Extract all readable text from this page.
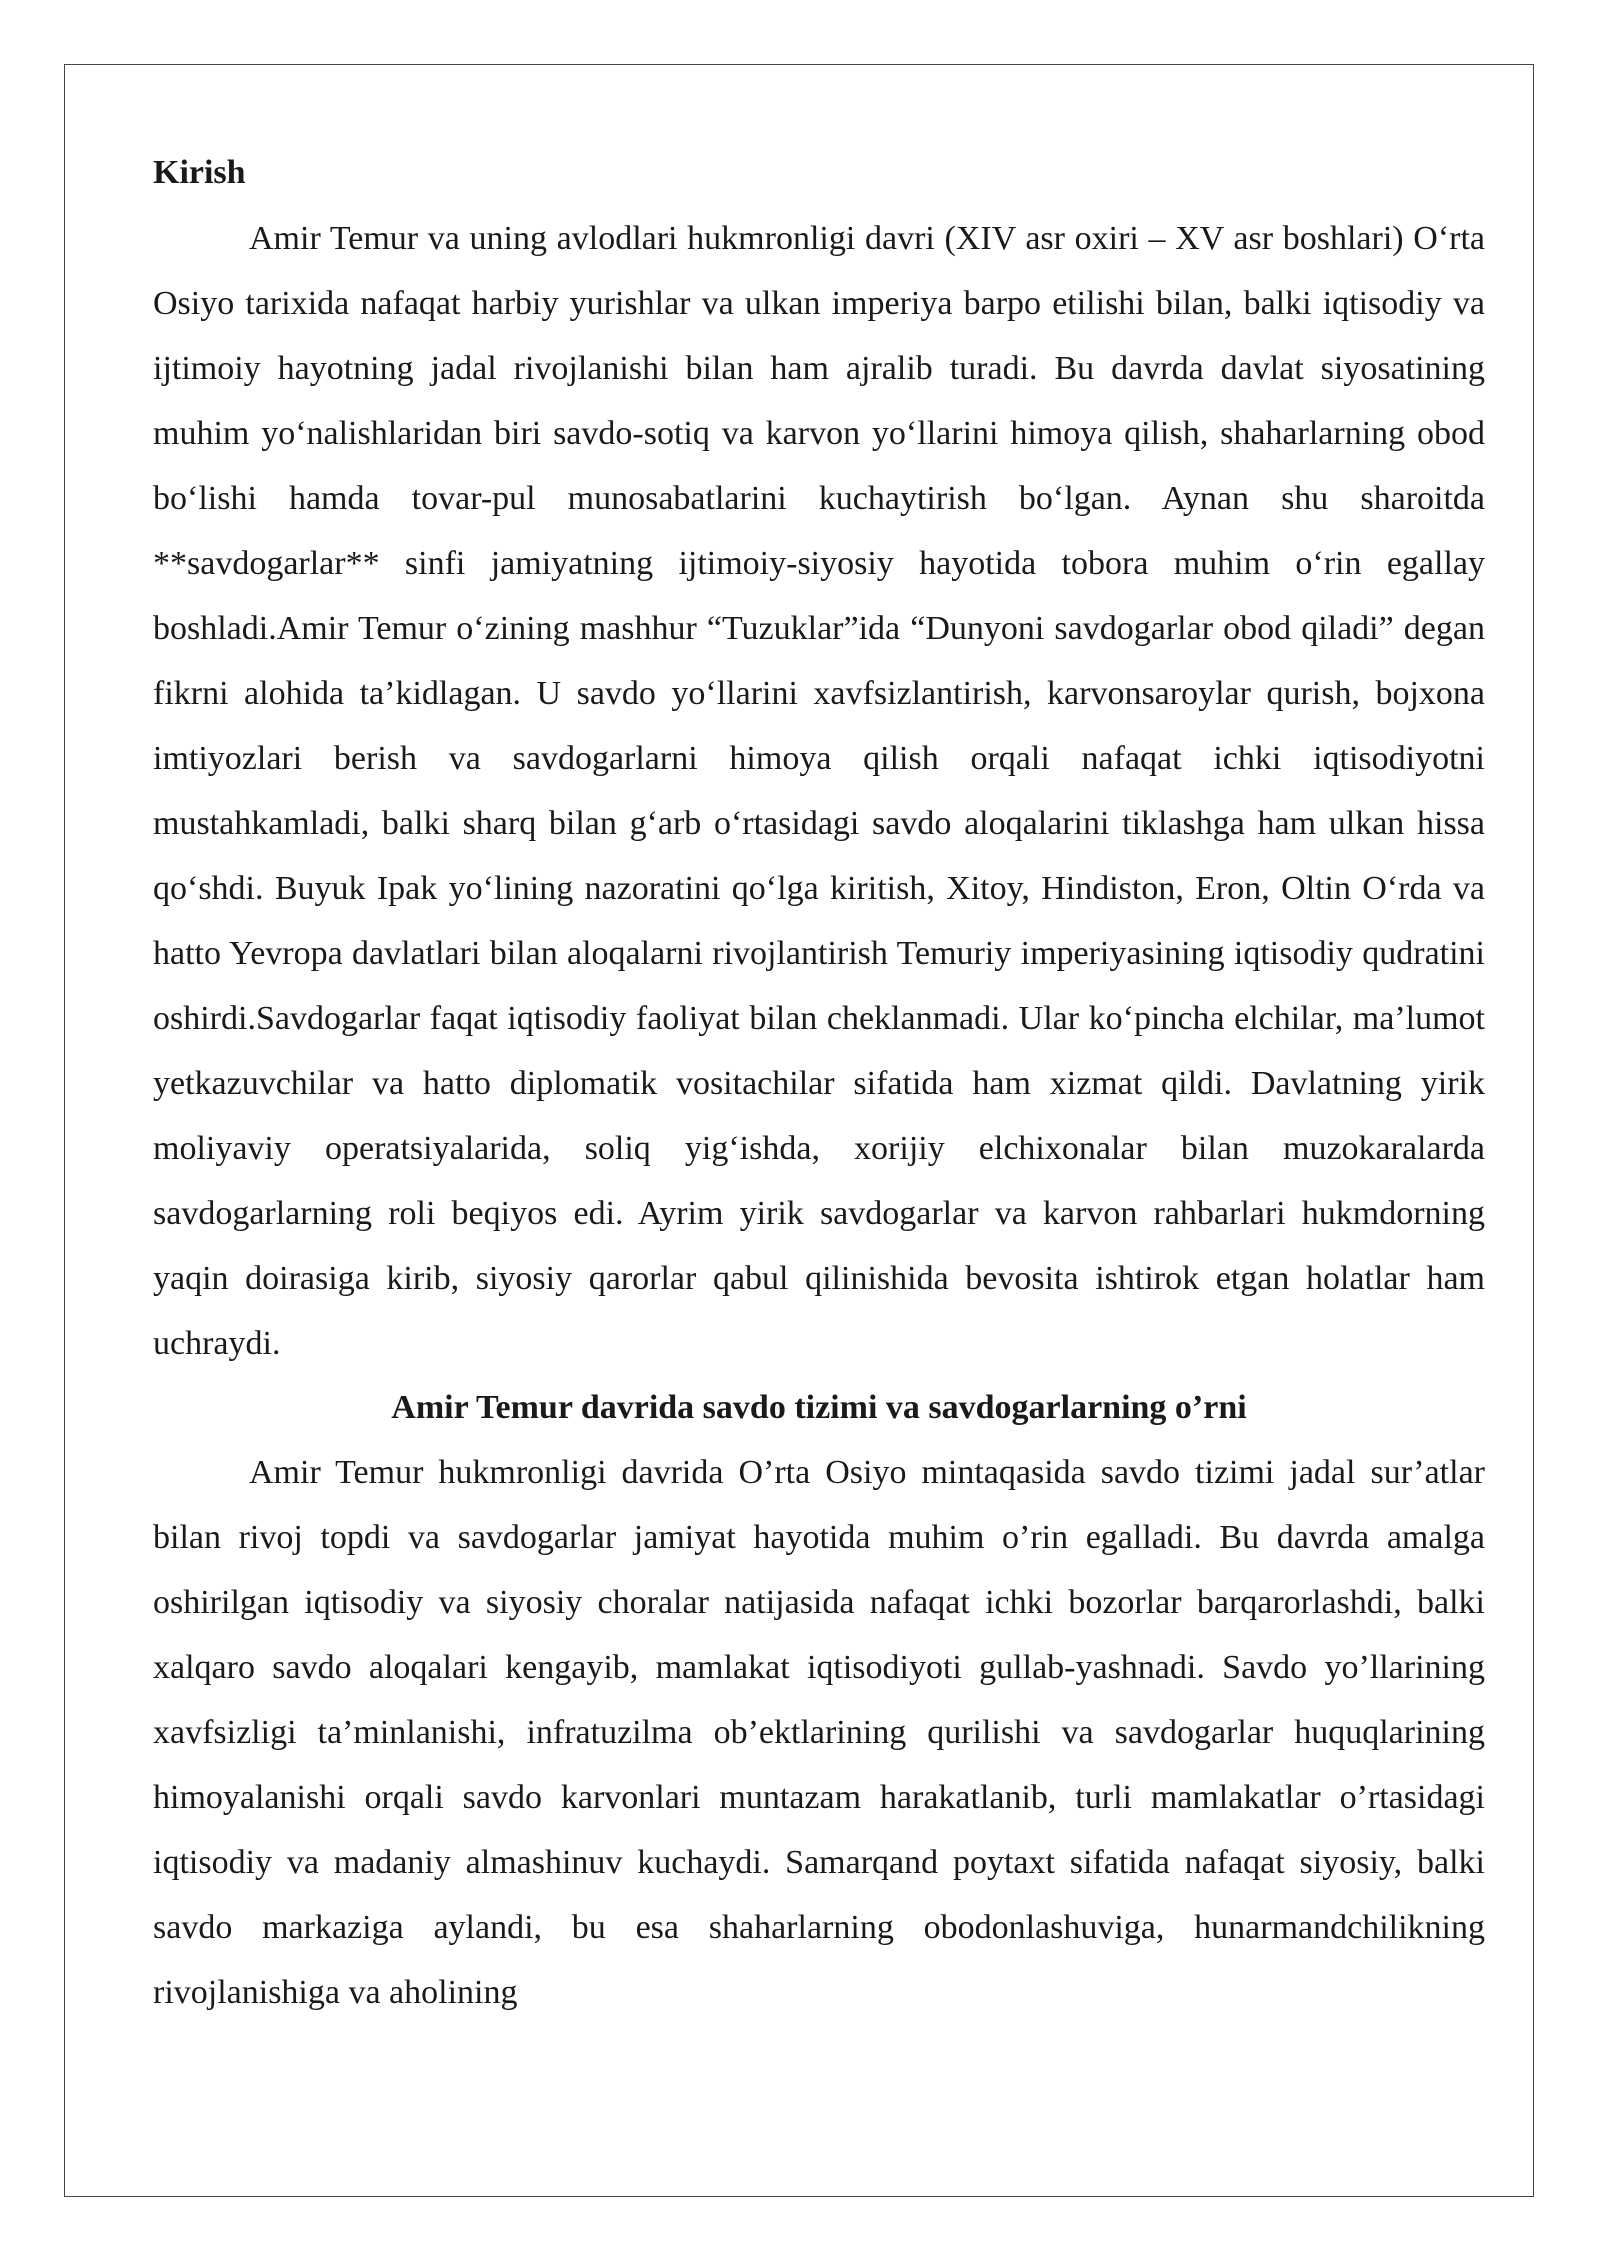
Kirish

Amir Temur va uning avlodlari hukmronligi davri (XIV asr oxiri – XV asr boshlari) O‘rta Osiyo tarixida nafaqat harbiy yurishlar va ulkan imperiya barpo etilishi bilan, balki iqtisodiy va ijtimoiy hayotning jadal rivojlanishi bilan ham ajralib turadi. Bu davrda davlat siyosatining muhim yo‘nalishlaridan biri savdo-sotiq va karvon yo‘llarini himoya qilish, shaharlarning obod bo‘lishi hamda tovar-pul munosabatlarini kuchaytirish bo‘lgan. Aynan shu sharoitda **savdogarlar** sinfi jamiyatning ijtimoiy-siyosiy hayotida tobora muhim o‘rin egallay boshladi.Amir Temur o‘zining mashhur “Tuzuklar”ida “Dunyoni savdogarlar obod qiladi” degan fikrni alohida ta’kidlagan. U savdo yo‘llarini xavfsizlantirish, karvonsaroylar qurish, bojxona imtiyozlari berish va savdogarlarni himoya qilish orqali nafaqat ichki iqtisodiyotni mustahkamladi, balki sharq bilan g‘arb o‘rtasidagi savdo aloqalarini tiklashga ham ulkan hissa qo‘shdi. Buyuk Ipak yo‘lining nazoratini qo‘lga kiritish, Xitoy, Hindiston, Eron, Oltin O‘rda va hatto Yevropa davlatlari bilan aloqalarni rivojlantirish Temuriy imperiyasining iqtisodiy qudratini oshirdi.Savdogarlar faqat iqtisodiy faoliyat bilan cheklanmadi. Ular ko‘pincha elchilar, ma’lumot yetkazuvchilar va hatto diplomatik vositachilar sifatida ham xizmat qildi. Davlatning yirik moliyaviy operatsiyalarida, soliq yig‘ishda, xorijiy elchixonalar bilan muzokaralarda savdogarlarning roli beqiyos edi. Ayrim yirik savdogarlar va karvon rahbarlari hukmdorning yaqin doirasiga kirib, siyosiy qarorlar qabul qilinishida bevosita ishtirok etgan holatlar ham uchraydi.

Amir Temur davrida savdo tizimi va savdogarlarning o’rni

Amir Temur hukmronligi davrida O’rta Osiyo mintaqasida savdo tizimi jadal sur’atlar bilan rivoj topdi va savdogarlar jamiyat hayotida muhim o’rin egalladi. Bu davrda amalga oshirilgan iqtisodiy va siyosiy choralar natijasida nafaqat ichki bozorlar barqarorlashdi, balki xalqaro savdo aloqalari kengayib, mamlakat iqtisodiyoti gullab-yashnadi. Savdo yo’llarining xavfsizligi ta’minlanishi, infratuzilma ob’ektlarining qurilishi va savdogarlar huquqlarining himoyalanishi orqali savdo karvonlari muntazam harakatlanib, turli mamlakatlar o’rtasidagi iqtisodiy va madaniy almashinuv kuchaydi. Samarqand poytaxt sifatida nafaqat siyosiy, balki savdo markaziga aylandi, bu esa shaharlarning obodonlashuviga, hunarmandchilikning rivojlanishiga va aholining
